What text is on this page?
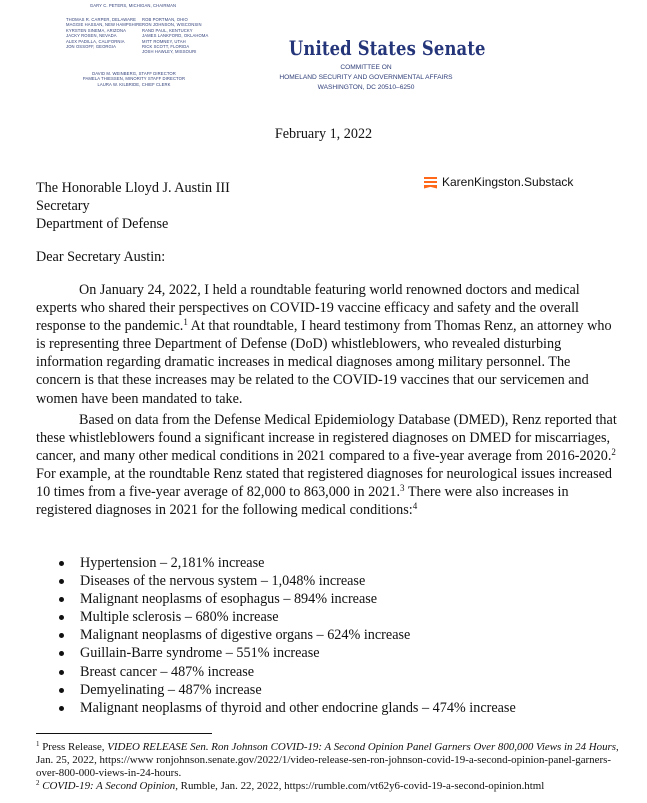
GARY C. PETERS, MICHIGAN, CHAIRMAN
THOMAS R. CARPER, DELAWARE
MAGGIE HASSAN, NEW HAMPSHIRE
KYRSTEN SINEMA, ARIZONA
JACKY ROSEN, NEVADA
ALEX PADILLA, CALIFORNIA
JON OSSOFF, GEORGIA
ROB PORTMAN, OHIO
RON JOHNSON, WISCONSIN
RAND PAUL, KENTUCKY
JAMES LANKFORD, OKLAHOMA
MITT ROMNEY, UTAH
RICK SCOTT, FLORIDA
JOSH HAWLEY, MISSOURI
DAVID M. WEINBERG, STAFF DIRECTOR
PAMELA THIESSEN, MINORITY STAFF DIRECTOR
LAURA W. KILBRIDE, CHIEF CLERK
United States Senate
COMMITTEE ON
HOMELAND SECURITY AND GOVERNMENTAL AFFAIRS
WASHINGTON, DC 20510–6250
KarenKingston.Substack
February 1, 2022
The Honorable Lloyd J. Austin III
Secretary
Department of Defense
Dear Secretary Austin:

On January 24, 2022, I held a roundtable featuring world renowned doctors and medical experts who shared their perspectives on COVID-19 vaccine efficacy and safety and the overall response to the pandemic.$^1$ At that roundtable, I heard testimony from Thomas Renz, an attorney who is representing three Department of Defense (DoD) whistleblowers, who revealed disturbing information regarding dramatic increases in medical diagnoses among military personnel. The concern is that these increases may be related to the COVID-19 vaccines that our servicemen and women have been mandated to take.

Based on data from the Defense Medical Epidemiology Database (DMED), Renz reported that these whistleblowers found a significant increase in registered diagnoses on DMED for miscarriages, cancer, and many other medical conditions in 2021 compared to a five-year average from 2016-2020.$^2$ For example, at the roundtable Renz stated that registered diagnoses for neurological issues increased 10 times from a five-year average of 82,000 to 863,000 in 2021.$^3$ There were also increases in registered diagnoses in 2021 for the following medical conditions:$^4$

Hypertension – 2,181% increase
Diseases of the nervous system – 1,048% increase
Malignant neoplasms of esophagus – 894% increase
Multiple sclerosis – 680% increase
Malignant neoplasms of digestive organs – 624% increase
Guillain-Barre syndrome – 551% increase
Breast cancer – 487% increase
Demyelinating – 487% increase
Malignant neoplasms of thyroid and other endocrine glands – 474% increase

$^1$ Press Release, VIDEO RELEASE Sen. Ron Johnson COVID-19: A Second Opinion Panel Garners Over 800,000 Views in 24 Hours, Jan. 25, 2022, https://www ronjohnson.senate.gov/2022/1/video-release-sen-ron-johnson-covid-19-a-second-opinion-panel-garners-over-800-000-views-in-24-hours.

$^2$ COVID-19: A Second Opinion, Rumble, Jan. 22, 2022, https://rumble.com/vt62y6-covid-19-a-second-opinion.html
